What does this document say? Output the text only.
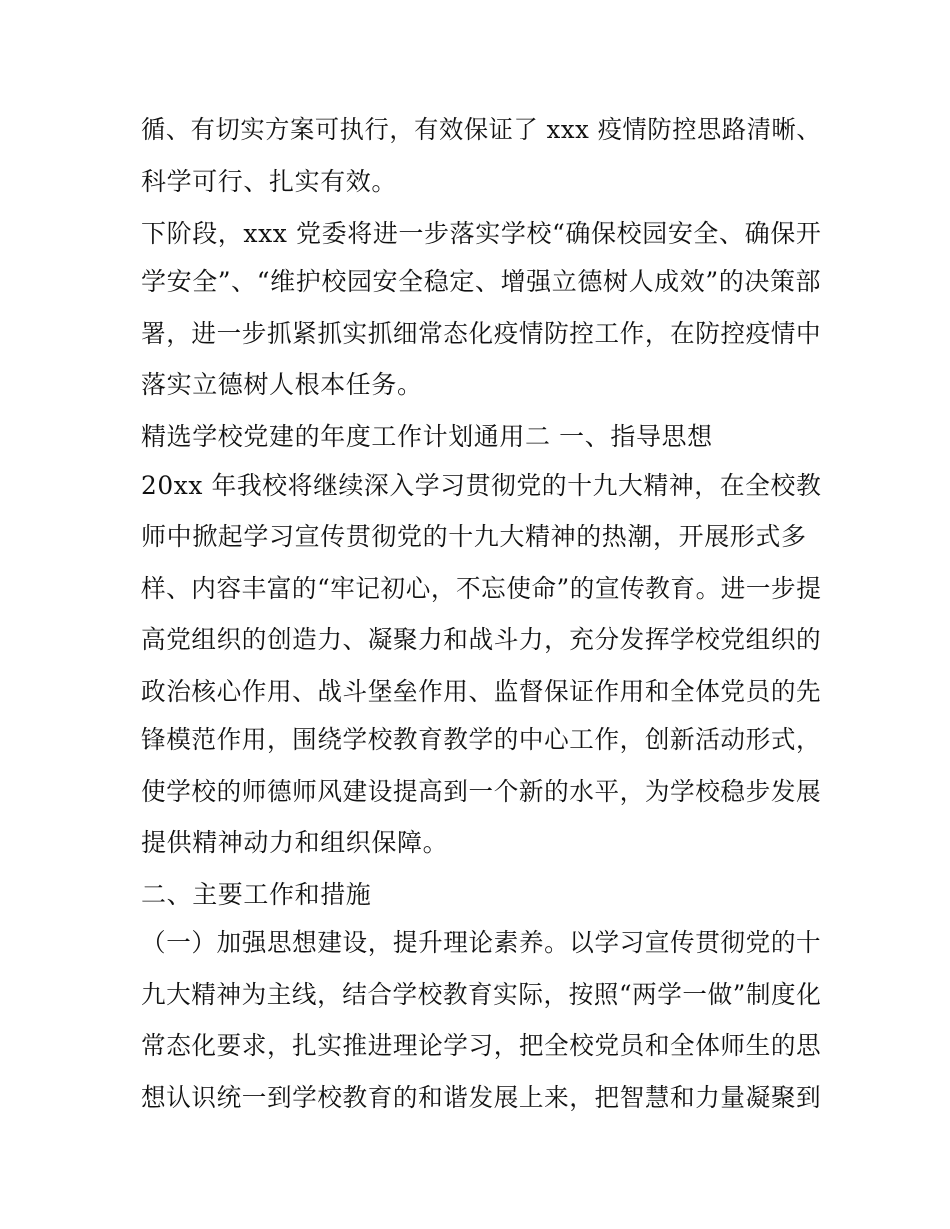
循、有切实方案可执行，有效保证了 xxx 疫情防控思路清晰、
科学可行、扎实有效。
下阶段，xxx 党委将进一步落实学校“确保校园安全、确保开
学安全”、“维护校园安全稳定、增强立德树人成效”的决策部
署，进一步抓紧抓实抓细常态化疫情防控工作，在防控疫情中
落实立德树人根本任务。
精选学校党建的年度工作计划通用二 一、指导思想
20xx 年我校将继续深入学习贯彻党的十九大精神，在全校教
师中掀起学习宣传贯彻党的十九大精神的热潮，开展形式多
样、内容丰富的“牢记初心，不忘使命”的宣传教育。进一步提
高党组织的创造力、凝聚力和战斗力，充分发挥学校党组织的
政治核心作用、战斗堡垒作用、监督保证作用和全体党员的先
锋模范作用，围绕学校教育教学的中心工作，创新活动形式，
使学校的师德师风建设提高到一个新的水平，为学校稳步发展
提供精神动力和组织保障。
二、主要工作和措施
（一）加强思想建设，提升理论素养。以学习宣传贯彻党的十
九大精神为主线，结合学校教育实际，按照“两学一做”制度化
常态化要求，扎实推进理论学习，把全校党员和全体师生的思
想认识统一到学校教育的和谐发展上来，把智慧和力量凝聚到
